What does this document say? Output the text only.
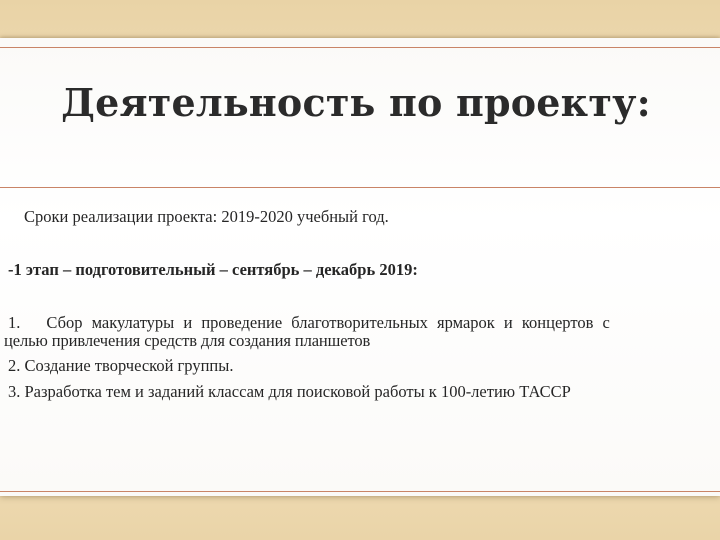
Деятельность по проекту:
Сроки реализации проекта: 2019-2020 учебный год.
-1 этап – подготовительный – сентябрь – декабрь 2019:
1. Сбор макулатуры и проведение благотворительных ярмарок и концертов с
целью привлечения средств для создания планшетов
2. Создание творческой группы.
3. Разработка тем и заданий классам для поисковой работы к 100-летию ТАССР
